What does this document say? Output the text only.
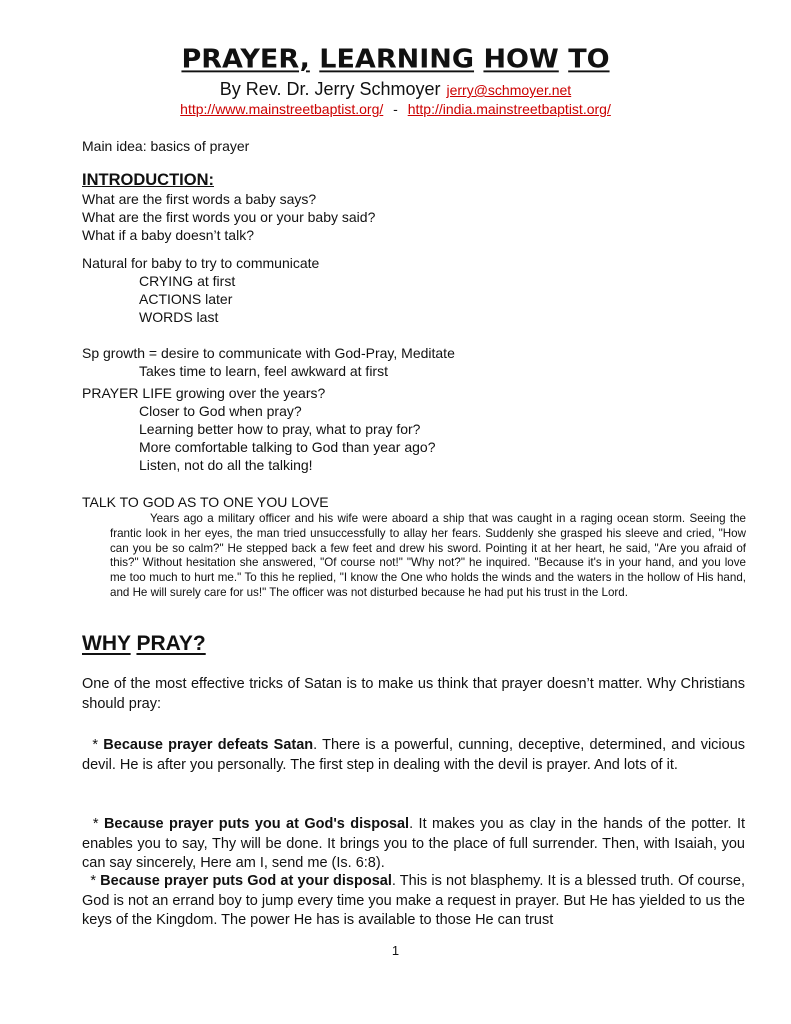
PRAYER, LEARNING HOW TO
By Rev. Dr. Jerry Schmoyer jerry@schmoyer.net
http://www.mainstreetbaptist.org/ - http://india.mainstreetbaptist.org/
Main idea: basics of prayer
INTRODUCTION:
What are the first words a baby says?
What are the first words you or your baby said?
What if a baby doesn’t talk?
Natural for baby to try to communicate
CRYING at first
ACTIONS later
WORDS last
Sp growth = desire to communicate with God-Pray, Meditate
Takes time to learn, feel awkward at first
PRAYER LIFE growing over the years?
Closer to God when pray?
Learning better how to pray, what to pray for?
More comfortable talking to God than year ago?
Listen, not do all the talking!
TALK TO GOD AS TO ONE YOU LOVE

Years ago a military officer and his wife were aboard a ship that was caught in a raging ocean storm. Seeing the frantic look in her eyes, the man tried unsuccessfully to allay her fears. Suddenly she grasped his sleeve and cried, "How can you be so calm?" He stepped back a few feet and drew his sword. Pointing it at her heart, he said, "Are you afraid of this?" Without hesitation she answered, "Of course not!" "Why not?" he inquired. "Because it's in your hand, and you love me too much to hurt me." To this he replied, "I know the One who holds the winds and the waters in the hollow of His hand, and He will surely care for us!" The officer was not disturbed because he had put his trust in the Lord.

WHY PRAY?
One of the most effective tricks of Satan is to make us think that prayer doesn’t matter. Why Christians should pray:
* Because prayer defeats Satan. There is a powerful, cunning, deceptive, determined, and vicious devil. He is after you personally. The first step in dealing with the devil is prayer. And lots of it.
* Because prayer puts you at God's disposal. It makes you as clay in the hands of the potter. It enables you to say, Thy will be done. It brings you to the place of full surrender. Then, with Isaiah, you can say sincerely, Here am I, send me (Is. 6:8).
* Because prayer puts God at your disposal. This is not blasphemy. It is a blessed truth. Of course, God is not an errand boy to jump every time you make a request in prayer. But He has yielded to us the keys of the Kingdom. The power He has is available to those He can trust
1
